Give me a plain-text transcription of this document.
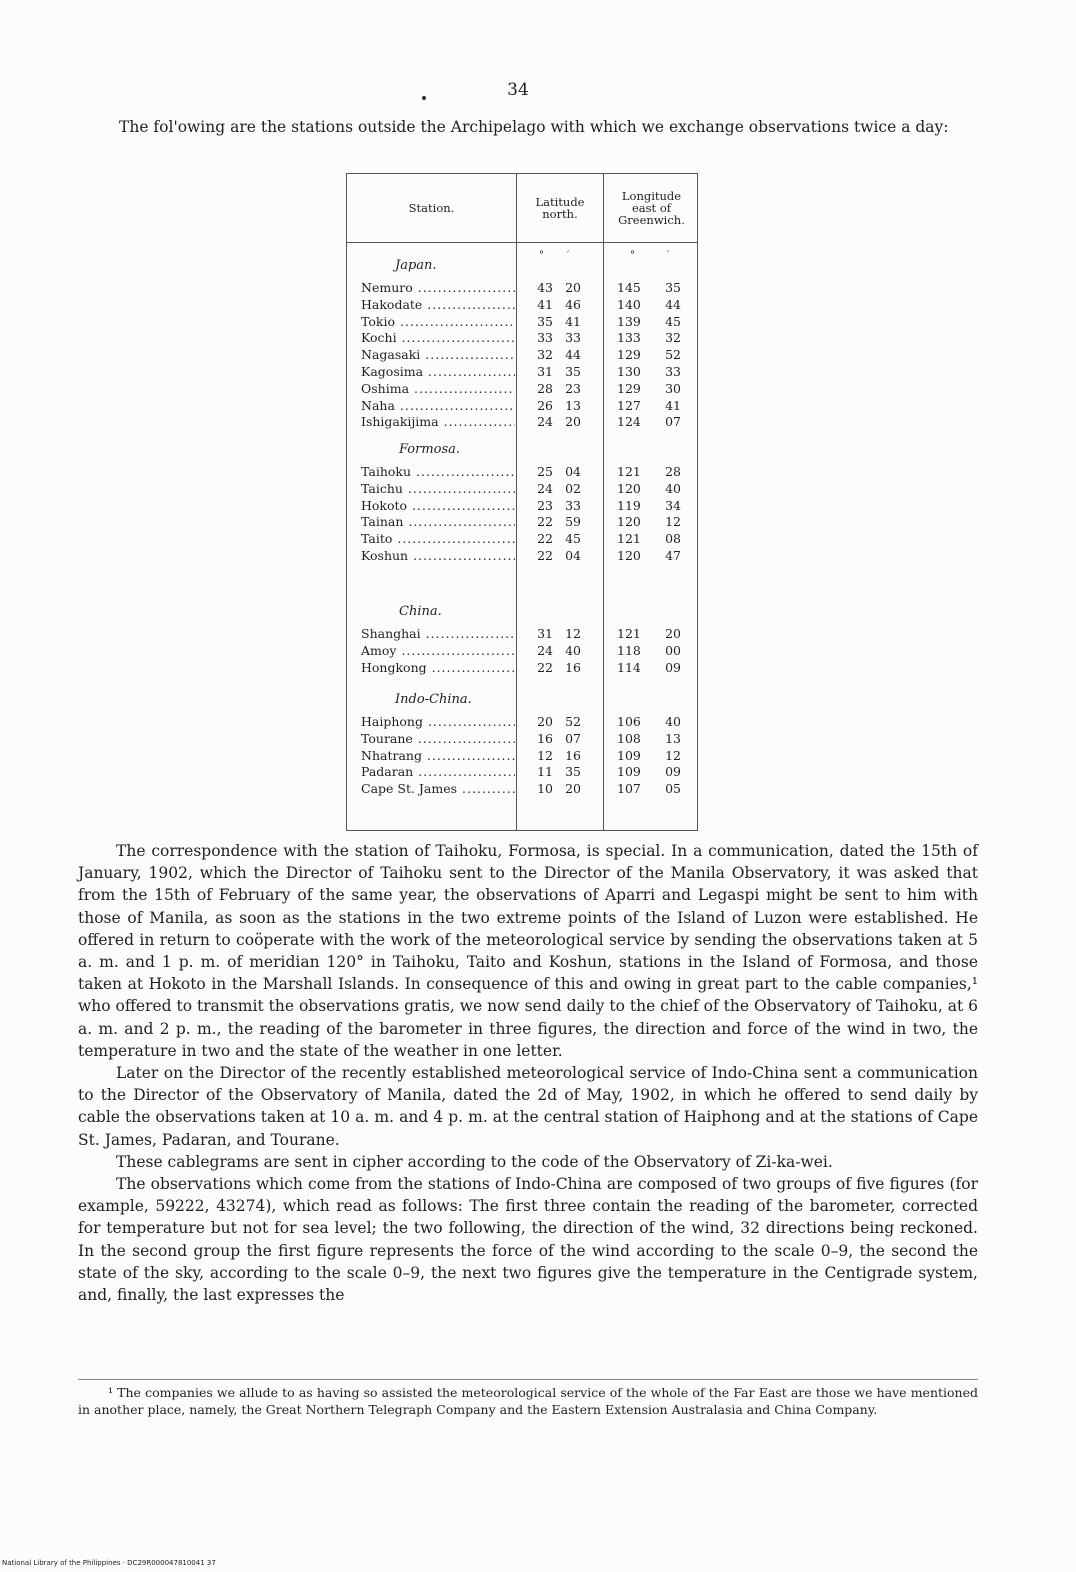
34

The fol'owing are the stations outside the Archipelago with which we exchange observations twice a day:

Station.	Latitude
north.
Longitude
east of
Greenwich.
° ′	°	′
Japan.
Nemuro .....	43 20	145	35
Hakodate .....	41 46	140	44
Tokio .....	35 41	139	45
Kochi .....	33 33	133	32
Nagasaki .....	32 44	129	52
Kagosima .....	31 35	130	33
Oshima .....	28 23	129	30
Naha .....	26 13	127	41
Ishigakijima .....	24 20	124	07
Formosa.
Taihoku .....	25 04	121	28
Taichu .....	24 02	120	40
Hokoto .....	23 33	119	34
Tainan .....	22 59	120	12
Taito .....	22 45	121	08
Koshun .....	22 04	120	47
China.
Shanghai .....	31 12	121	20
Amoy .....	24 40	118	00
Hongkong .....	22 16	114	09
Indo-China.
Haiphong .....	20 52	106	40
Tourane .....	16 07	108	13
Nhatrang .....	12 16	109	12
Padaran .....	11 35	109	09
Cape St. James .....	10 20	107	05

The correspondence with the station of Taihoku, Formosa, is special. In a communication, dated the 15th of January, 1902, which the Director of Taihoku sent to the Director of the Manila Observatory, it was asked that from the 15th of February of the same year, the observations of Aparri and Legaspi might be sent to him with those of Manila, as soon as the stations in the two extreme points of the Island of Luzon were established. He offered in return to coöperate with the work of the meteorological service by sending the observations taken at 5 a. m. and 1 p. m. of meridian 120° in Taihoku, Taito and Koshun, stations in the Island of Formosa, and those taken at Hokoto in the Marshall Islands. In consequence of this and owing in great part to the cable companies,¹ who offered to transmit the observations gratis, we now send daily to the chief of the Observatory of Taihoku, at 6 a. m. and 2 p. m., the reading of the barometer in three figures, the direction and force of the wind in two, the temperature in two and the state of the weather in one letter.

Later on the Director of the recently established meteorological service of Indo-China sent a communication to the Director of the Observatory of Manila, dated the 2d of May, 1902, in which he offered to send daily by cable the observations taken at 10 a. m. and 4 p. m. at the central station of Haiphong and at the stations of Cape St. James, Padaran, and Tourane.

These cablegrams are sent in cipher according to the code of the Observatory of Zi-ka-wei.

The observations which come from the stations of Indo-China are composed of two groups of five figures (for example, 59222, 43274), which read as follows: The first three contain the reading of the barometer, corrected for temperature but not for sea level; the two following, the direction of the wind, 32 directions being reckoned. In the second group the first figure represents the force of the wind according to the scale 0–9, the second the state of the sky, according to the scale 0–9, the next two figures give the temperature in the Centigrade system, and, finally, the last expresses the

¹ The companies we allude to as having so assisted the meteorological service of the whole of the Far East are those we have mentioned in another place, namely, the Great Northern Telegraph Company and the Eastern Extension Australasia and China Company.

National Library of the Philippines · DC29R000047810041 37
